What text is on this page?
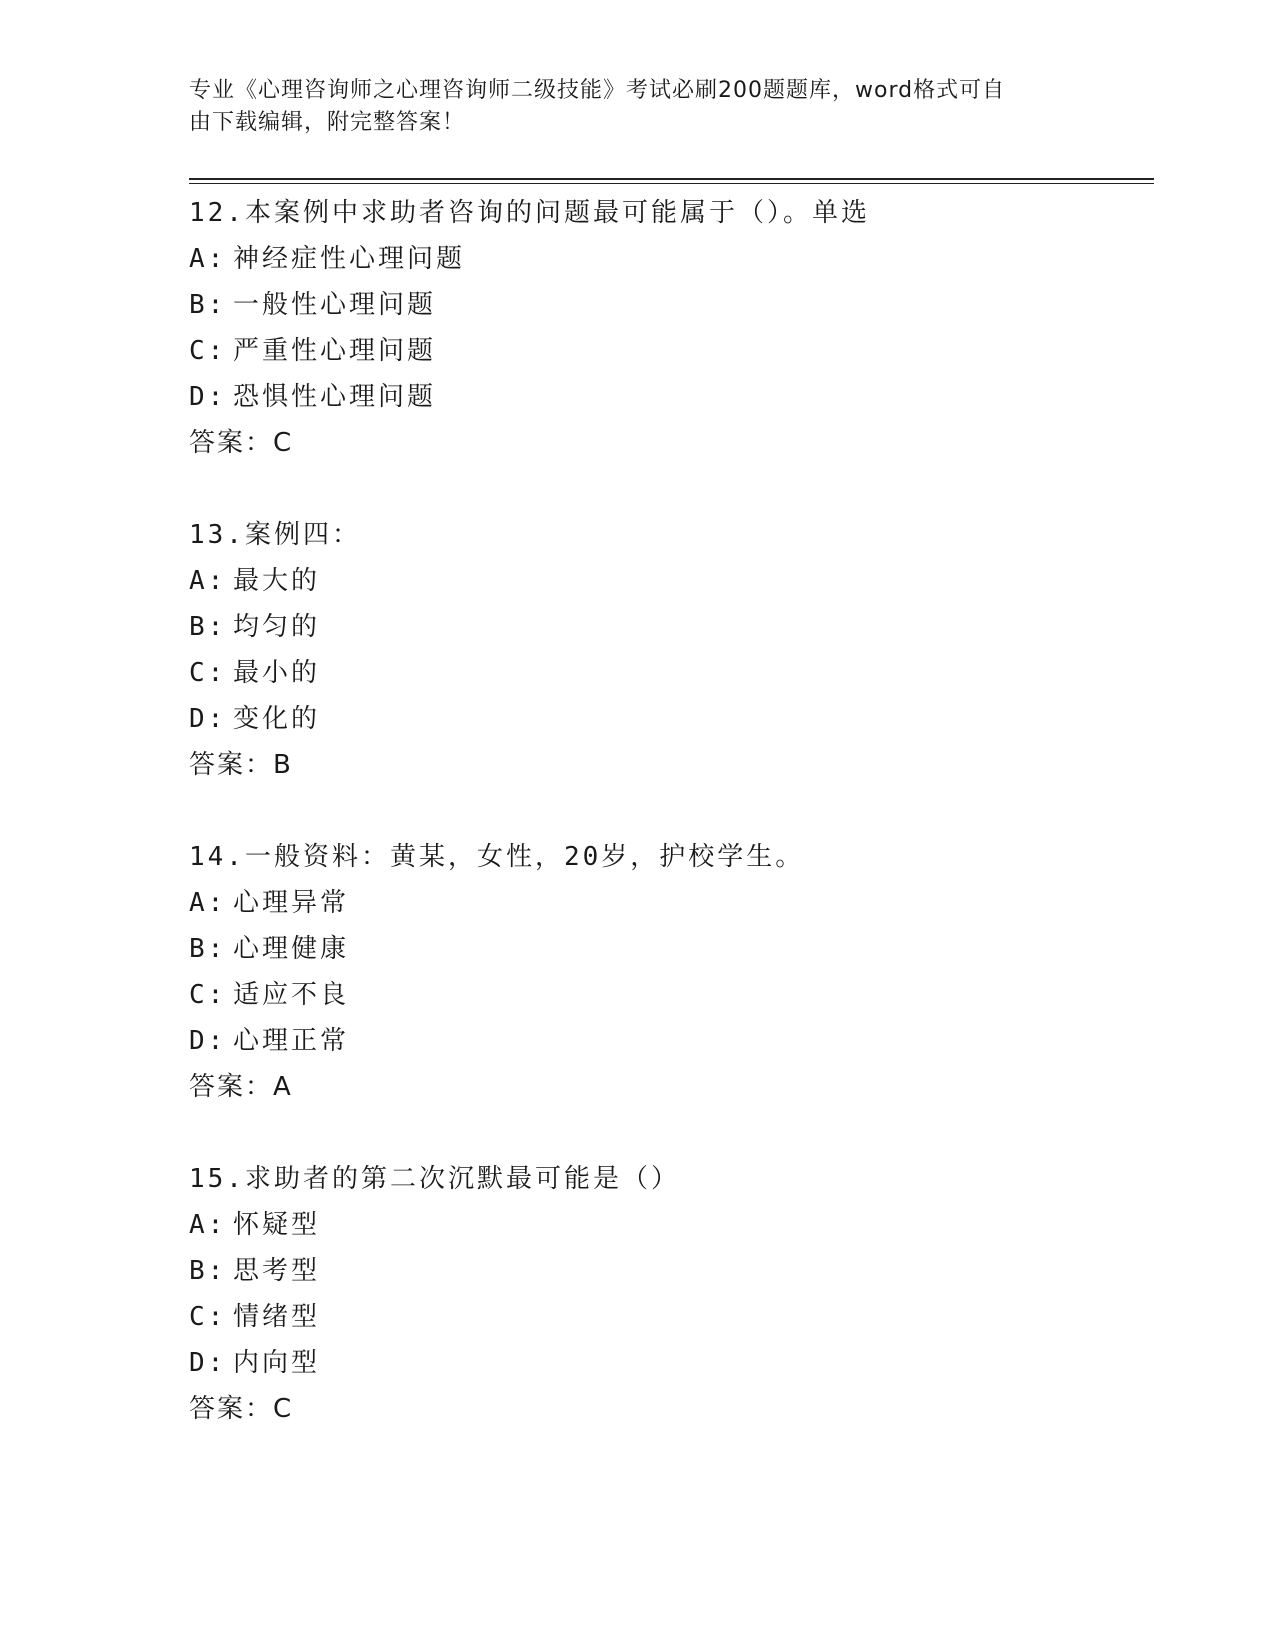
专业《心理咨询师之心理咨询师二级技能》考试必刷200题题库，word格式可自
由下载编辑，附完整答案！
12.本案例中求助者咨询的问题最可能属于（）。单选
A: 神经症性心理问题
B: 一般性心理问题
C: 严重性心理问题
D: 恐惧性心理问题
答案：C
13.案例四：
A: 最大的
B: 均匀的
C: 最小的
D: 变化的
答案：B
14.一般资料：黄某，女性，20岁，护校学生。
A: 心理异常
B: 心理健康
C: 适应不良
D: 心理正常
答案：A
15.求助者的第二次沉默最可能是（）
A: 怀疑型
B: 思考型
C: 情绪型
D: 内向型
答案：C
